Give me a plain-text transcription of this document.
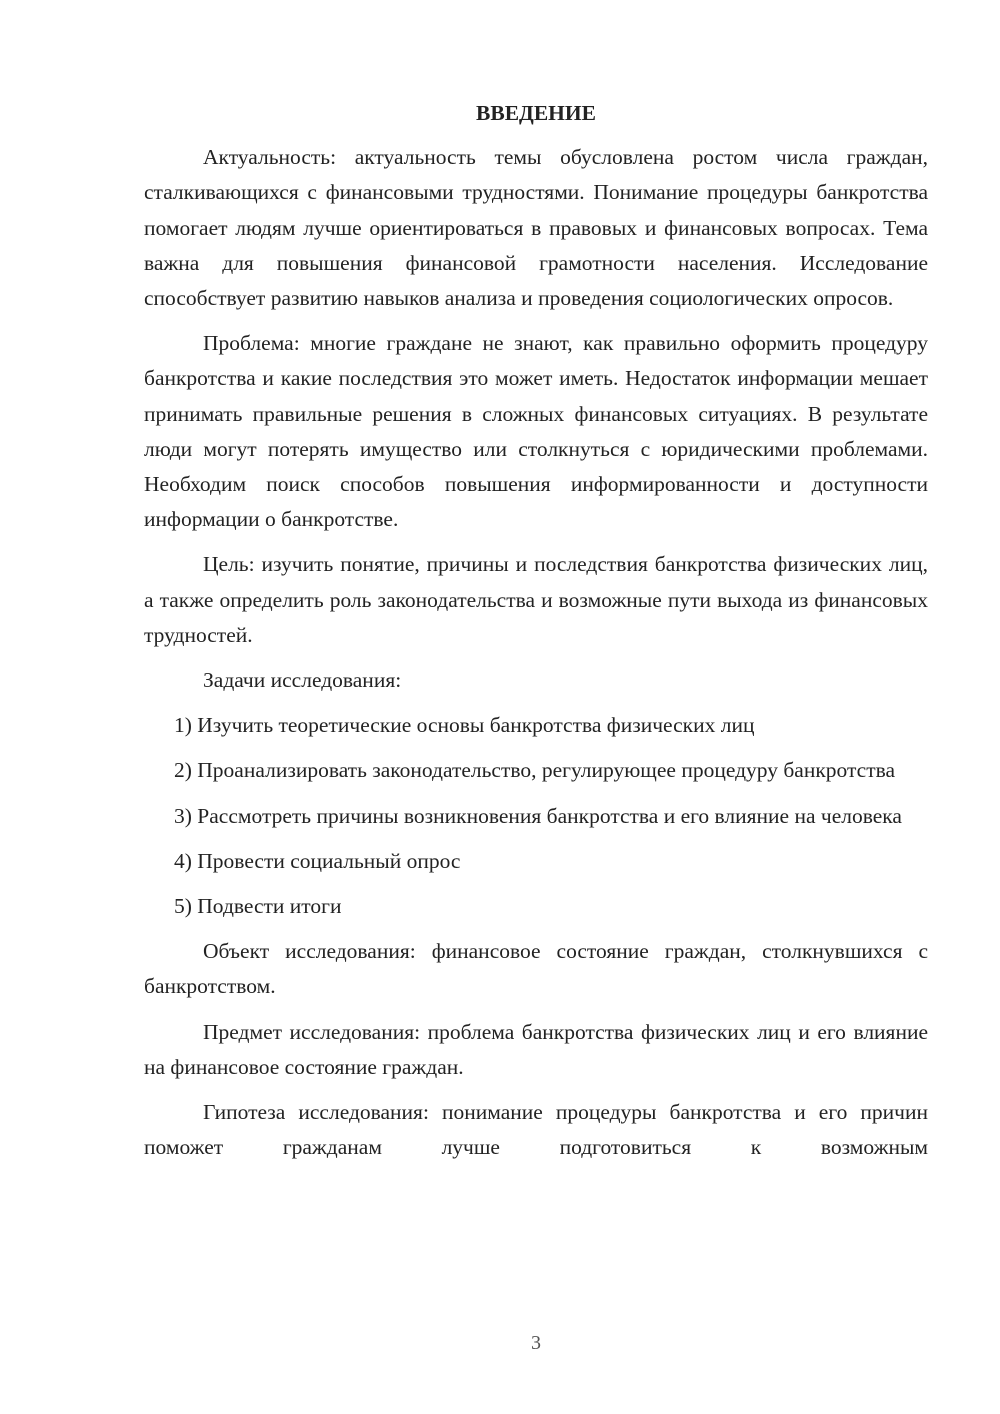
ВВЕДЕНИЕ

Актуальность: актуальность темы обусловлена ростом числа граждан, сталкивающихся с финансовыми трудностями. Понимание процедуры банкротства помогает людям лучше ориентироваться в правовых и финансовых вопросах. Тема важна для повышения финансовой грамотности населения. Исследование способствует развитию навыков анализа и проведения социологических опросов.

Проблема: многие граждане не знают, как правильно оформить процедуру банкротства и какие последствия это может иметь. Недостаток информации мешает принимать правильные решения в сложных финансовых ситуациях. В результате люди могут потерять имущество или столкнуться с юридическими проблемами. Необходим поиск способов повышения информированности и доступности информации о банкротстве.

Цель: изучить понятие, причины и последствия банкротства физических лиц, а также определить роль законодательства и возможные пути выхода из финансовых трудностей.

Задачи исследования:

1) Изучить теоретические основы банкротства физических лиц

2) Проанализировать законодательство, регулирующее процедуру банкротства

3) Рассмотреть причины возникновения банкротства и его влияние на человека

4) Провести социальный опрос

5) Подвести итоги

Объект исследования: финансовое состояние граждан, столкнувшихся с банкротством.

Предмет исследования: проблема банкротства физических лиц и его влияние на финансовое состояние граждан.

Гипотеза исследования: понимание процедуры банкротства и его причин поможет гражданам лучше подготовиться к возможным

3
